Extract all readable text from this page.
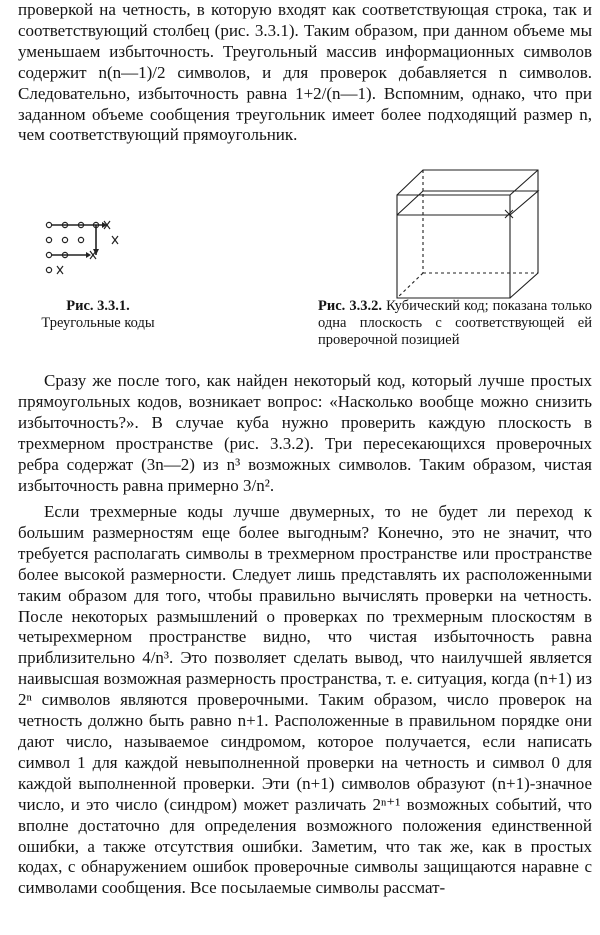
проверкой на четность, в которую входят как соответствующая строка, так и соответствующий столбец (рис. 3.3.1). Таким образом, при данном объеме мы уменьшаем избыточность. Треугольный массив информационных символов содержит n(n—1)/2 символов, и для проверок добавляется n символов. Следовательно, избыточность равна 1+2/(n—1). Вспомним, однако, что при заданном объеме сообщения треугольник имеет более подходящий размер n, чем соответствующий прямоугольник.

Рис. 3.3.1.
Треугольные коды

Рис. 3.3.2. Кубический код; показана только одна плоскость с соответствующей ей проверочной позицией

Сразу же после того, как найден некоторый код, который лучше простых прямоугольных кодов, возникает вопрос: «Насколько вообще можно снизить избыточность?». В случае куба нужно проверить каждую плоскость в трехмерном пространстве (рис. 3.3.2). Три пересекающихся проверочных ребра содержат (3n—2) из n³ возможных символов. Таким образом, чистая избыточность равна примерно 3/n².

Если трехмерные коды лучше двумерных, то не будет ли переход к большим размерностям еще более выгодным? Конечно, это не значит, что требуется располагать символы в трехмерном пространстве или пространстве более высокой размерности. Следует лишь представлять их расположенными таким образом для того, чтобы правильно вычислять проверки на четность. После некоторых размышлений о проверках по трехмерным плоскостям в четырехмерном пространстве видно, что чистая избыточность равна приблизительно 4/n³. Это позволяет сделать вывод, что наилучшей является наивысшая возможная размерность пространства, т. е. ситуация, когда (n+1) из 2ⁿ символов являются проверочными. Таким образом, число проверок на четность должно быть равно n+1. Расположенные в правильном порядке они дают число, называемое синдромом, которое получается, если написать символ 1 для каждой невыполненной проверки на четность и символ 0 для каждой выполненной проверки. Эти (n+1) символов образуют (n+1)-значное число, и это число (синдром) может различать 2ⁿ⁺¹ возможных событий, что вполне достаточно для определения возможного положения единственной ошибки, а также отсутствия ошибки. Заметим, что так же, как в простых кодах, с обнаружением ошибок проверочные символы защищаются наравне с символами сообщения. Все посылаемые символы рассмат-
